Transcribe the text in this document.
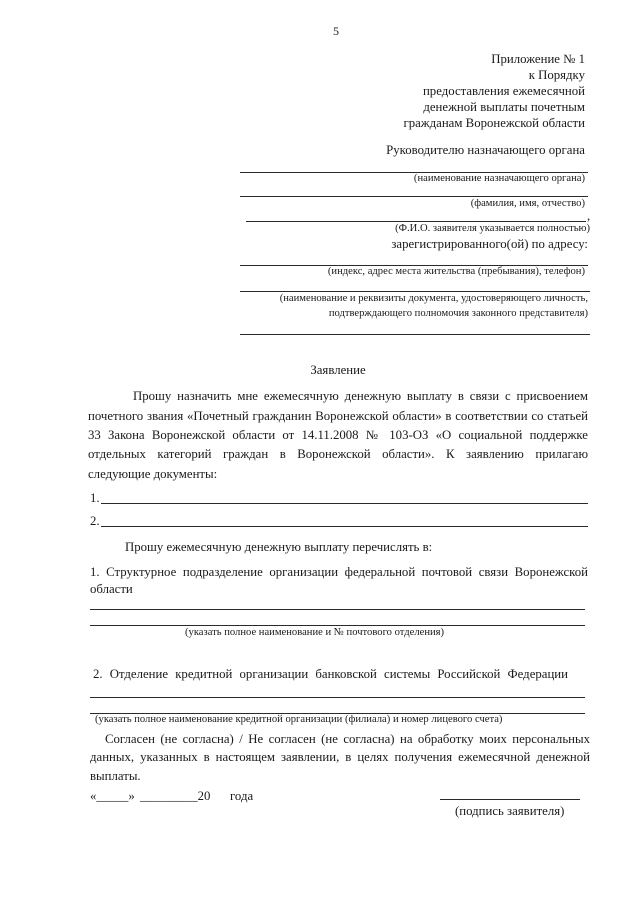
5
Приложение № 1
к Порядку
предоставления ежемесячной
денежной выплаты почетным
гражданам Воронежской области
Руководителю назначающего органа
(наименование назначающего органа)
(фамилия, имя, отчество)
,
(Ф.И.О. заявителя указывается полностью)
зарегистрированного(ой) по адресу:
(индекс, адрес места жительства (пребывания), телефон)
(наименование и реквизиты документа, удостоверяющего личность,
подтверждающего полномочия законного представителя)
Заявление
Прошу назначить мне ежемесячную денежную выплату в связи с присвоением
почетного звания «Почетный гражданин Воронежской области» в соответствии со статьей
33 Закона Воронежской области от 14.11.2008 № 103-ОЗ «О социальной поддержке
отдельных категорий граждан в Воронежской области». К заявлению прилагаю
следующие документы:
1.
2.
Прошу ежемесячную денежную выплату перечислять в:
1. Структурное подразделение организации федеральной почтовой связи Воронежской
области
(указать полное наименование и № почтового отделения)
2. Отделение кредитной организации банковской системы Российской Федерации
(указать полное наименование кредитной организации (филиала) и номер лицевого счета)
Согласен (не согласна) / Не согласен (не согласна) на обработку моих персональных
данных, указанных в настоящем заявлении, в целях получения ежемесячной денежной
выплаты.
«_____» _________20 года
(подпись заявителя)
